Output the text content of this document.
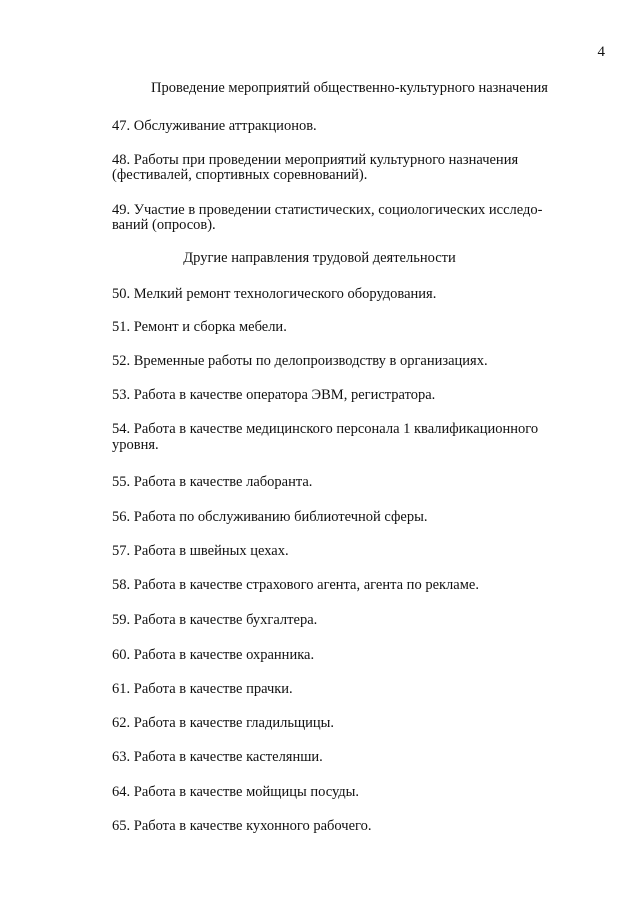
4
Проведение мероприятий общественно-культурного назначения
47. Обслуживание аттракционов.
48. Работы при проведении мероприятий культурного назначения
(фестивалей, спортивных соревнований).
49. Участие в проведении статистических, социологических исследо-
ваний (опросов).
Другие направления трудовой деятельности
50. Мелкий ремонт технологического оборудования.
51. Ремонт и сборка мебели.
52. Временные работы по делопроизводству в организациях.
53. Работа в качестве оператора ЭВМ, регистратора.
54. Работа в качестве медицинского персонала 1 квалификационного
уровня.
55. Работа в качестве лаборанта.
56. Работа по обслуживанию библиотечной сферы.
57. Работа в швейных цехах.
58. Работа в качестве страхового агента, агента по рекламе.
59. Работа в качестве бухгалтера.
60. Работа в качестве охранника.
61. Работа в качестве прачки.
62. Работа в качестве гладильщицы.
63. Работа в качестве кастелянши.
64. Работа в качестве мойщицы посуды.
65. Работа в качестве кухонного рабочего.
